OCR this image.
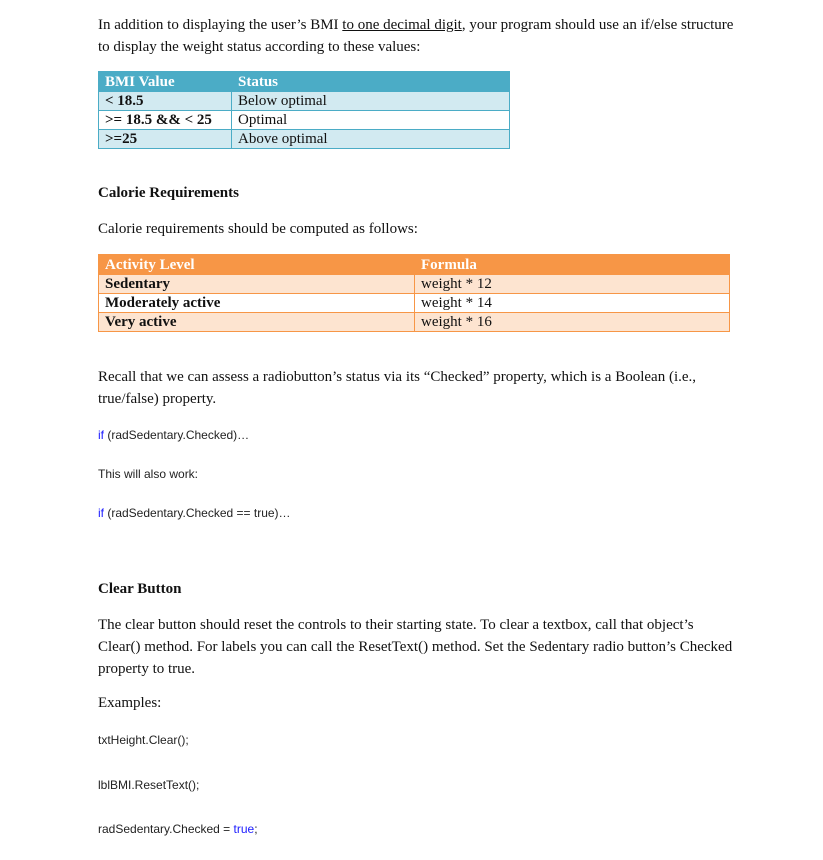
In addition to displaying the user’s BMI to one decimal digit, your program should use an if/else structure to display the weight status according to these values:

BMI Value	Status
< 18.5	Below optimal
>= 18.5 && < 25	Optimal
>=25	Above optimal
Calorie Requirements

Calorie requirements should be computed as follows:

Activity Level	Formula
Sedentary	weight * 12
Moderately active	weight * 14
Very active	weight * 16

Recall that we can assess a radiobutton’s status via its “Checked” property, which is a Boolean (i.e., true/false) property.

if (radSedentary.Checked)…
This will also work:
if (radSedentary.Checked == true)…
Clear Button

The clear button should reset the controls to their starting state. To clear a textbox, call that object’s Clear() method. For labels you can call the ResetText() method. Set the Sedentary radio button’s Checked property to true.

Examples:

txtHeight.Clear();
lblBMI.ResetText();
radSedentary.Checked = true;
